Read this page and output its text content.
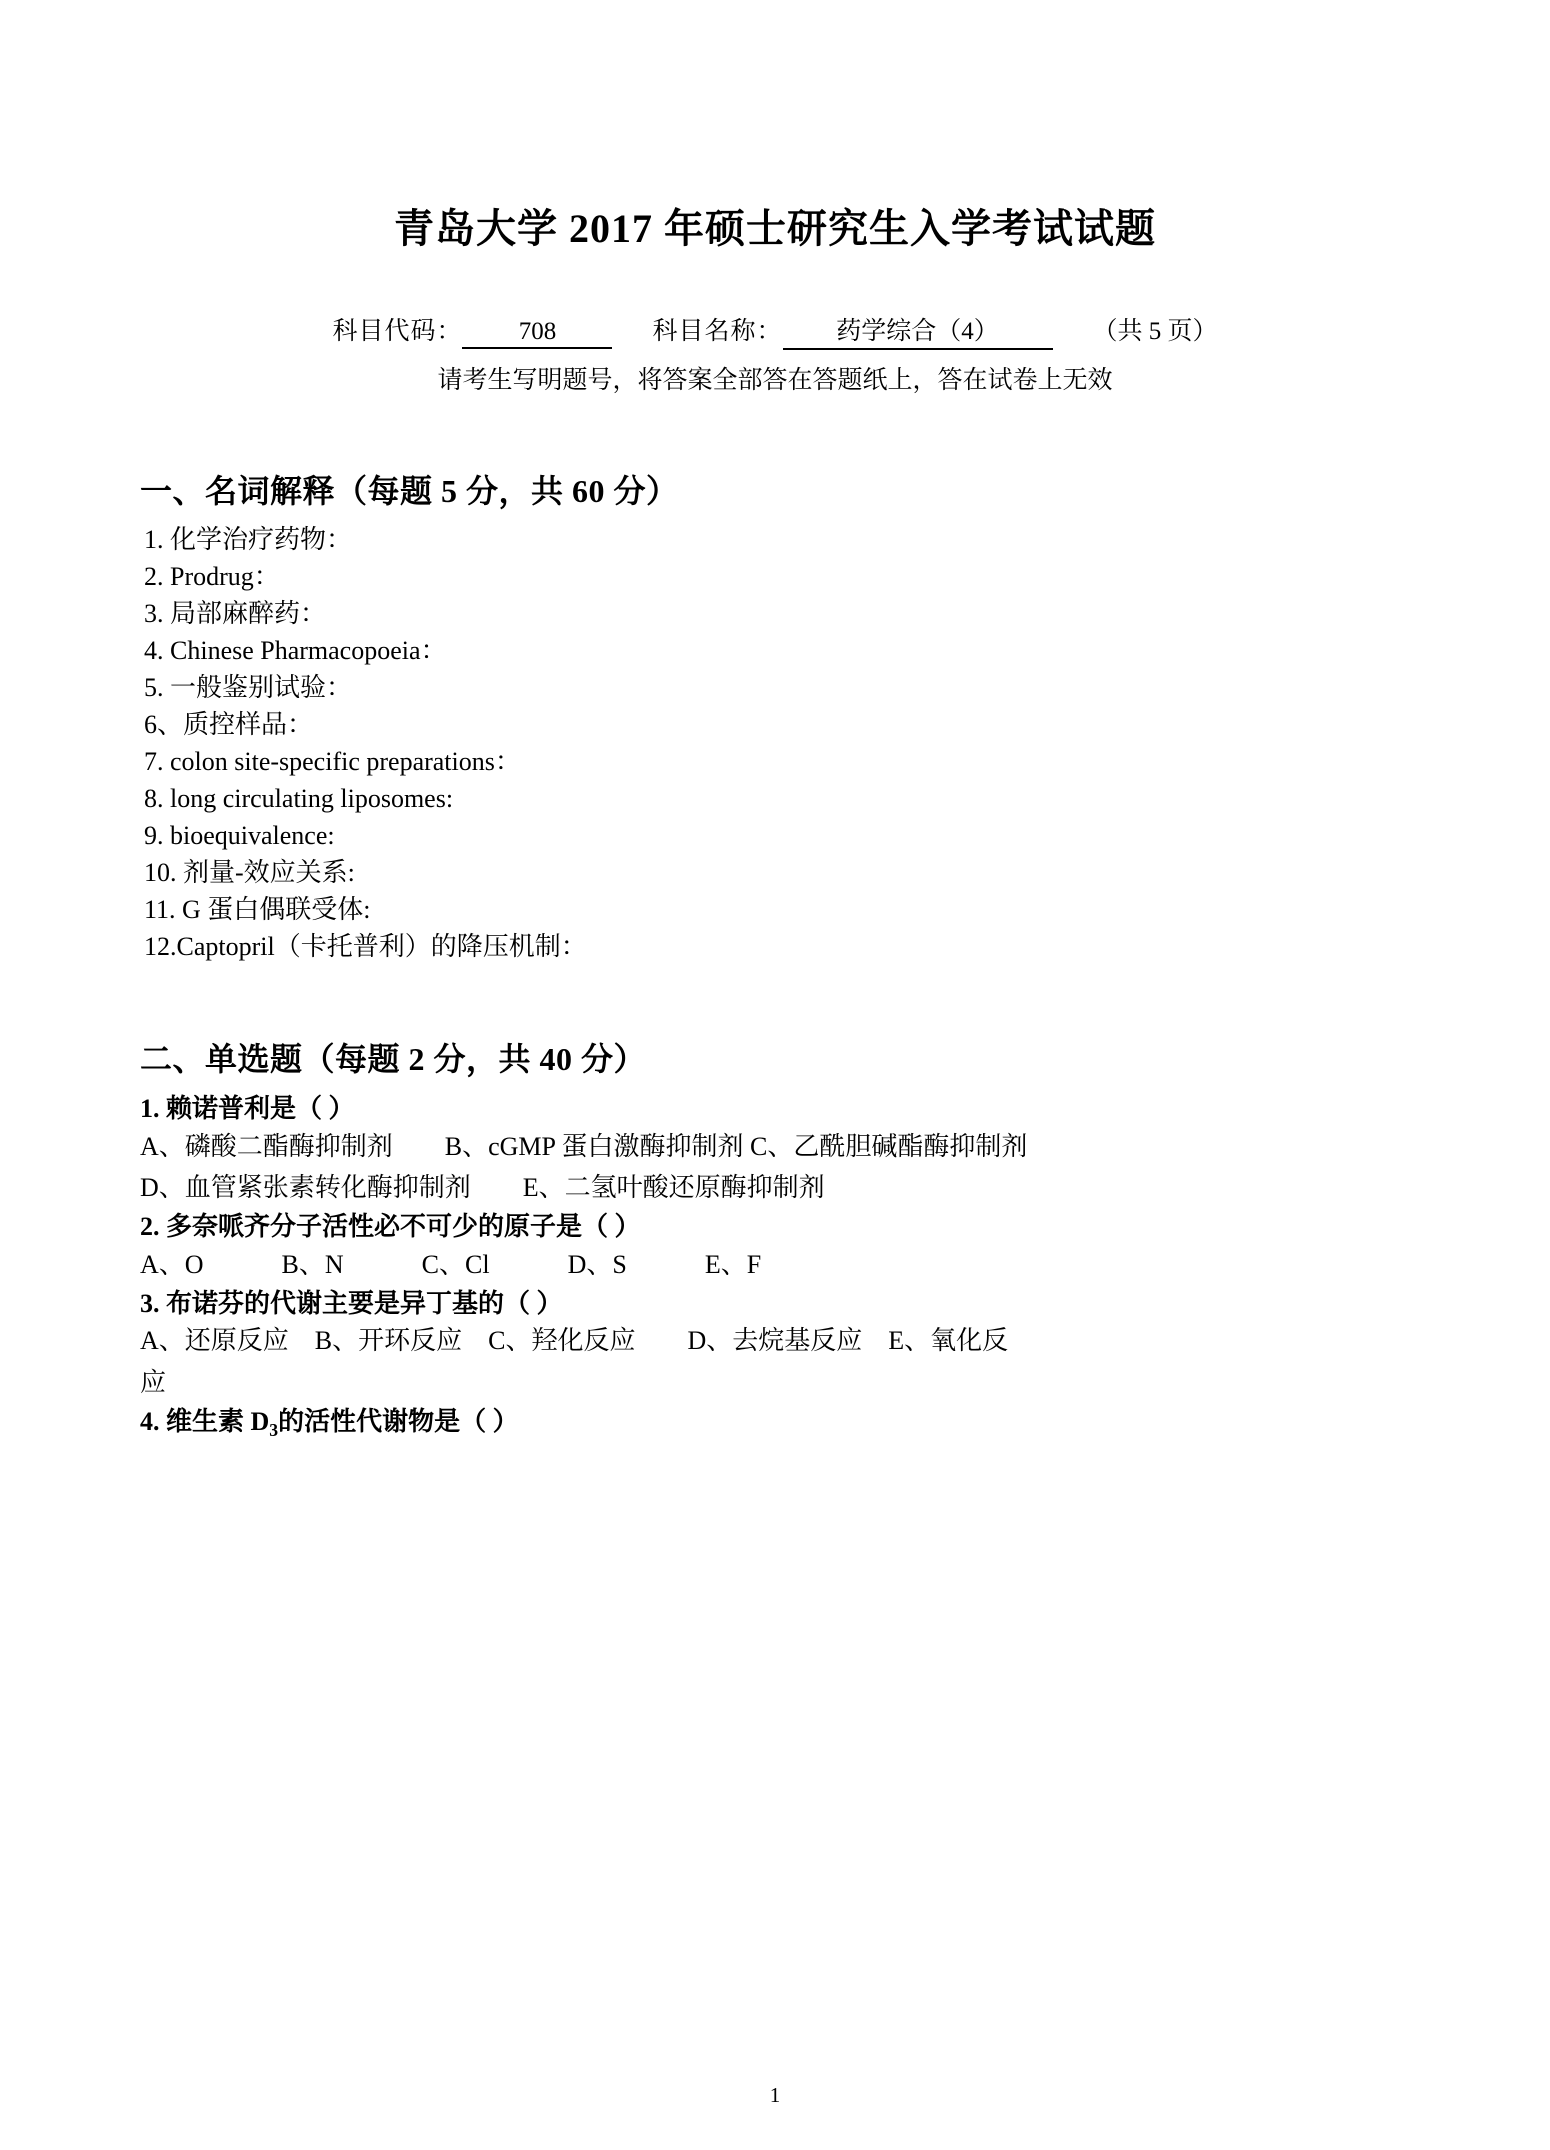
青岛大学 2017 年硕士研究生入学考试试题
科目代码： 708	科目名称： 药学综合（4）	（共 5 页）
请考生写明题号，将答案全部答在答题纸上，答在试卷上无效
一、名词解释（每题 5 分，共 60 分）

1. 化学治疗药物：

2. Prodrug：

3. 局部麻醉药：

4. Chinese Pharmacopoeia：

5. 一般鉴别试验：

6、质控样品：

7. colon site-specific preparations：

8. long circulating liposomes:

9. bioequivalence:

10. 剂量-效应关系:

11. G 蛋白偶联受体:

12.Captopril（卡托普利）的降压机制：

二、单选题（每题 2 分，共 40 分）

1. 赖诺普利是（ ）

A、磷酸二酯酶抑制剂　　B、cGMP 蛋白激酶抑制剂 C、乙酰胆碱酯酶抑制剂

D、血管紧张素转化酶抑制剂　　E、二氢叶酸还原酶抑制剂

2. 多奈哌齐分子活性必不可少的原子是（ ）

A、O　　　B、N　　　C、Cl　　　D、S　　　E、F

3. 布诺芬的代谢主要是异丁基的（ ）

A、还原反应　B、开环反应　C、羟化反应　　D、去烷基反应　E、氧化反

应

4. 维生素 $D_3$的活性代谢物是（ ）

1
